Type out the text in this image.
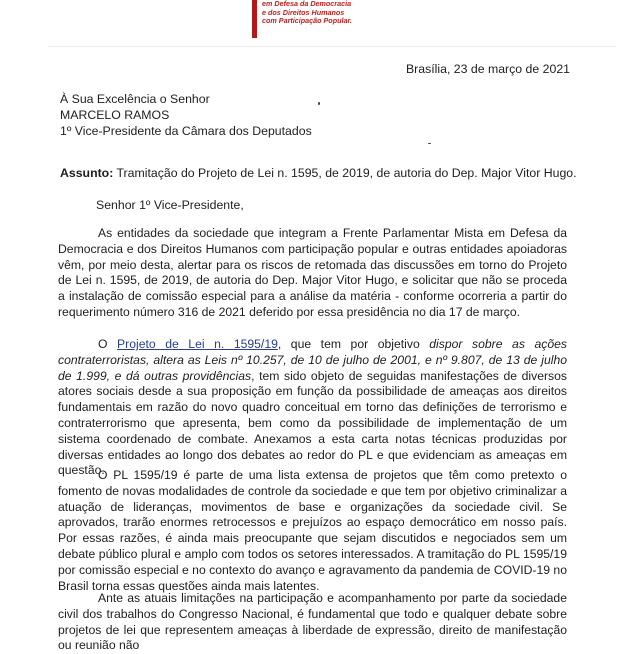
em Defesa da Democracia
e dos Direitos Humanos
com Participação Popular.
Brasília, 23 de março de 2021
À Sua Excelência o Senhor
MARCELO RAMOS
1º Vice-Presidente da Câmara dos Deputados
Assunto: Tramitação do Projeto de Lei n. 1595, de 2019, de autoria do Dep. Major Vitor Hugo.
Senhor 1º Vice-Presidente,
As entidades da sociedade que integram a Frente Parlamentar Mista em Defesa da Democracia e dos Direitos Humanos com participação popular e outras entidades apoiadoras vêm, por meio desta, alertar para os riscos de retomada das discussões em torno do Projeto de Lei n. 1595, de 2019, de autoria do Dep. Major Vitor Hugo, e solicitar que não se proceda a instalação de comissão especial para a análise da matéria - conforme ocorreria a partir do requerimento número 316 de 2021 deferido por essa presidência no dia 17 de março.
O Projeto de Lei n. 1595/19, que tem por objetivo dispor sobre as ações contraterroristas, altera as Leis nº 10.257, de 10 de julho de 2001, e nº 9.807, de 13 de julho de 1.999, e dá outras providências, tem sido objeto de seguidas manifestações de diversos atores sociais desde a sua proposição em função da possibilidade de ameaças aos direitos fundamentais em razão do novo quadro conceitual em torno das definições de terrorismo e contraterrorismo que apresenta, bem como da possibilidade de implementação de um sistema coordenado de combate. Anexamos a esta carta notas técnicas produzidas por diversas entidades ao longo dos debates ao redor do PL e que evidenciam as ameaças em questão.
O PL 1595/19 é parte de uma lista extensa de projetos que têm como pretexto o fomento de novas modalidades de controle da sociedade e que tem por objetivo criminalizar a atuação de lideranças, movimentos de base e organizações da sociedade civil. Se aprovados, trarão enormes retrocessos e prejuízos ao espaço democrático em nosso país. Por essas razões, é ainda mais preocupante que sejam discutidos e negociados sem um debate público plural e amplo com todos os setores interessados. A tramitação do PL 1595/19 por comissão especial e no contexto do avanço e agravamento da pandemia de COVID-19 no Brasil torna essas questões ainda mais latentes.
Ante as atuais limitações na participação e acompanhamento por parte da sociedade civil dos trabalhos do Congresso Nacional, é fundamental que todo e qualquer debate sobre projetos de lei que representem ameaças à liberdade de expressão, direito de manifestação ou reunião não
